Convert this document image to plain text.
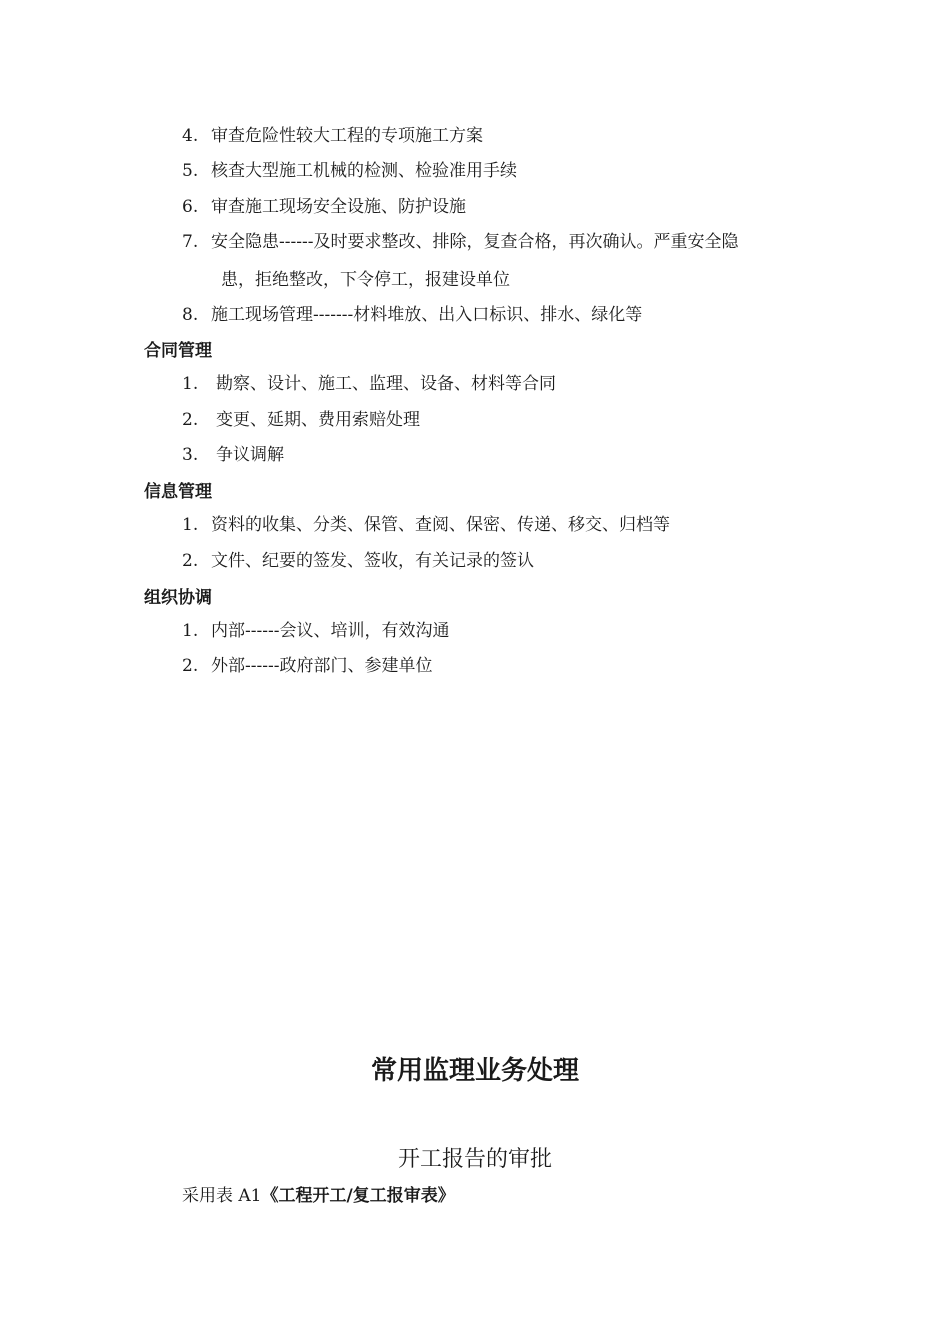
4. 审查危险性较大工程的专项施工方案
5. 核查大型施工机械的检测、检验准用手续
6. 审查施工现场安全设施、防护设施
7. 安全隐患------及时要求整改、排除，复查合格，再次确认。严重安全隐
患，拒绝整改，下令停工，报建设单位
8. 施工现场管理-------材料堆放、出入口标识、排水、绿化等
合同管理
1. 勘察、设计、施工、监理、设备、材料等合同
2. 变更、延期、费用索赔处理
3. 争议调解
信息管理
1. 资料的收集、分类、保管、查阅、保密、传递、移交、归档等
2. 文件、纪要的签发、签收，有关记录的签认
组织协调
1. 内部------会议、培训，有效沟通
2. 外部------政府部门、参建单位
常用监理业务处理
开工报告的审批
采用表 A1《工程开工/复工报审表》
